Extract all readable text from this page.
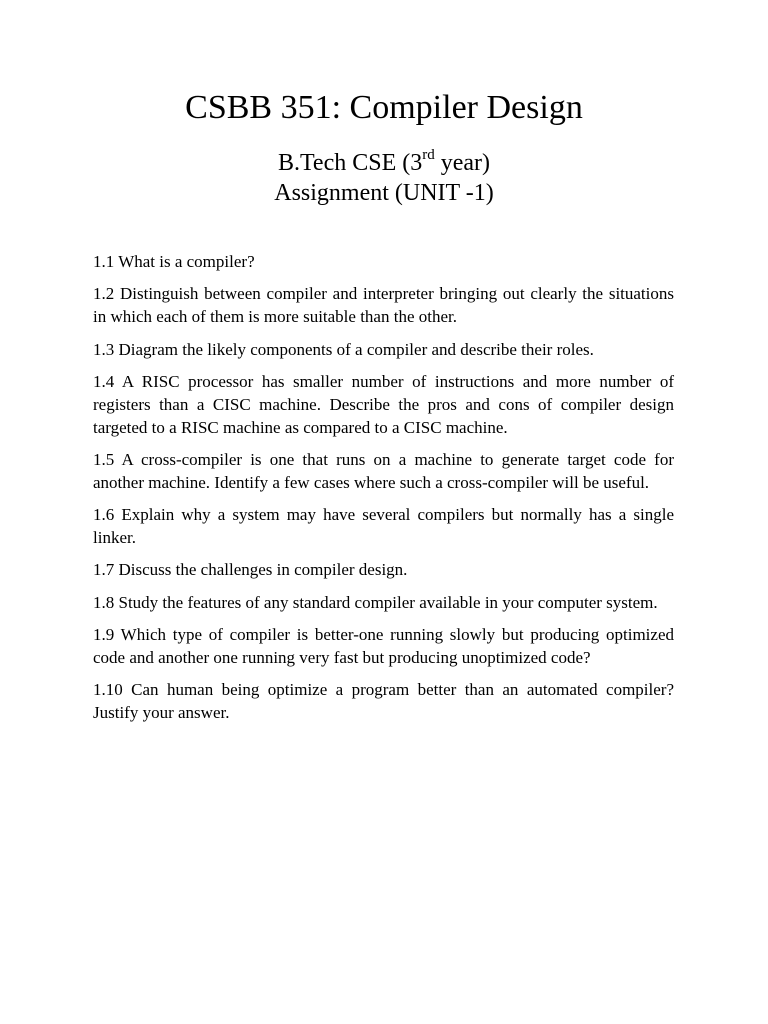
CSBB 351: Compiler Design
B.Tech CSE (3rd year)
Assignment (UNIT -1)

1.1 What is a compiler?

1.2 Distinguish between compiler and interpreter bringing out clearly the situations in which each of them is more suitable than the other.

1.3 Diagram the likely components of a compiler and describe their roles.

1.4 A RISC processor has smaller number of instructions and more number of registers than a CISC machine. Describe the pros and cons of compiler design targeted to a RISC machine as compared to a CISC machine.

1.5 A cross-compiler is one that runs on a machine to generate target code for another machine. Identify a few cases where such a cross-compiler will be useful.

1.6 Explain why a system may have several compilers but normally has a single linker.

1.7 Discuss the challenges in compiler design.

1.8 Study the features of any standard compiler available in your computer system.

1.9 Which type of compiler is better-one running slowly but producing optimized code and another one running very fast but producing unoptimized code?

1.10 Can human being optimize a program better than an automated compiler? Justify your answer.
